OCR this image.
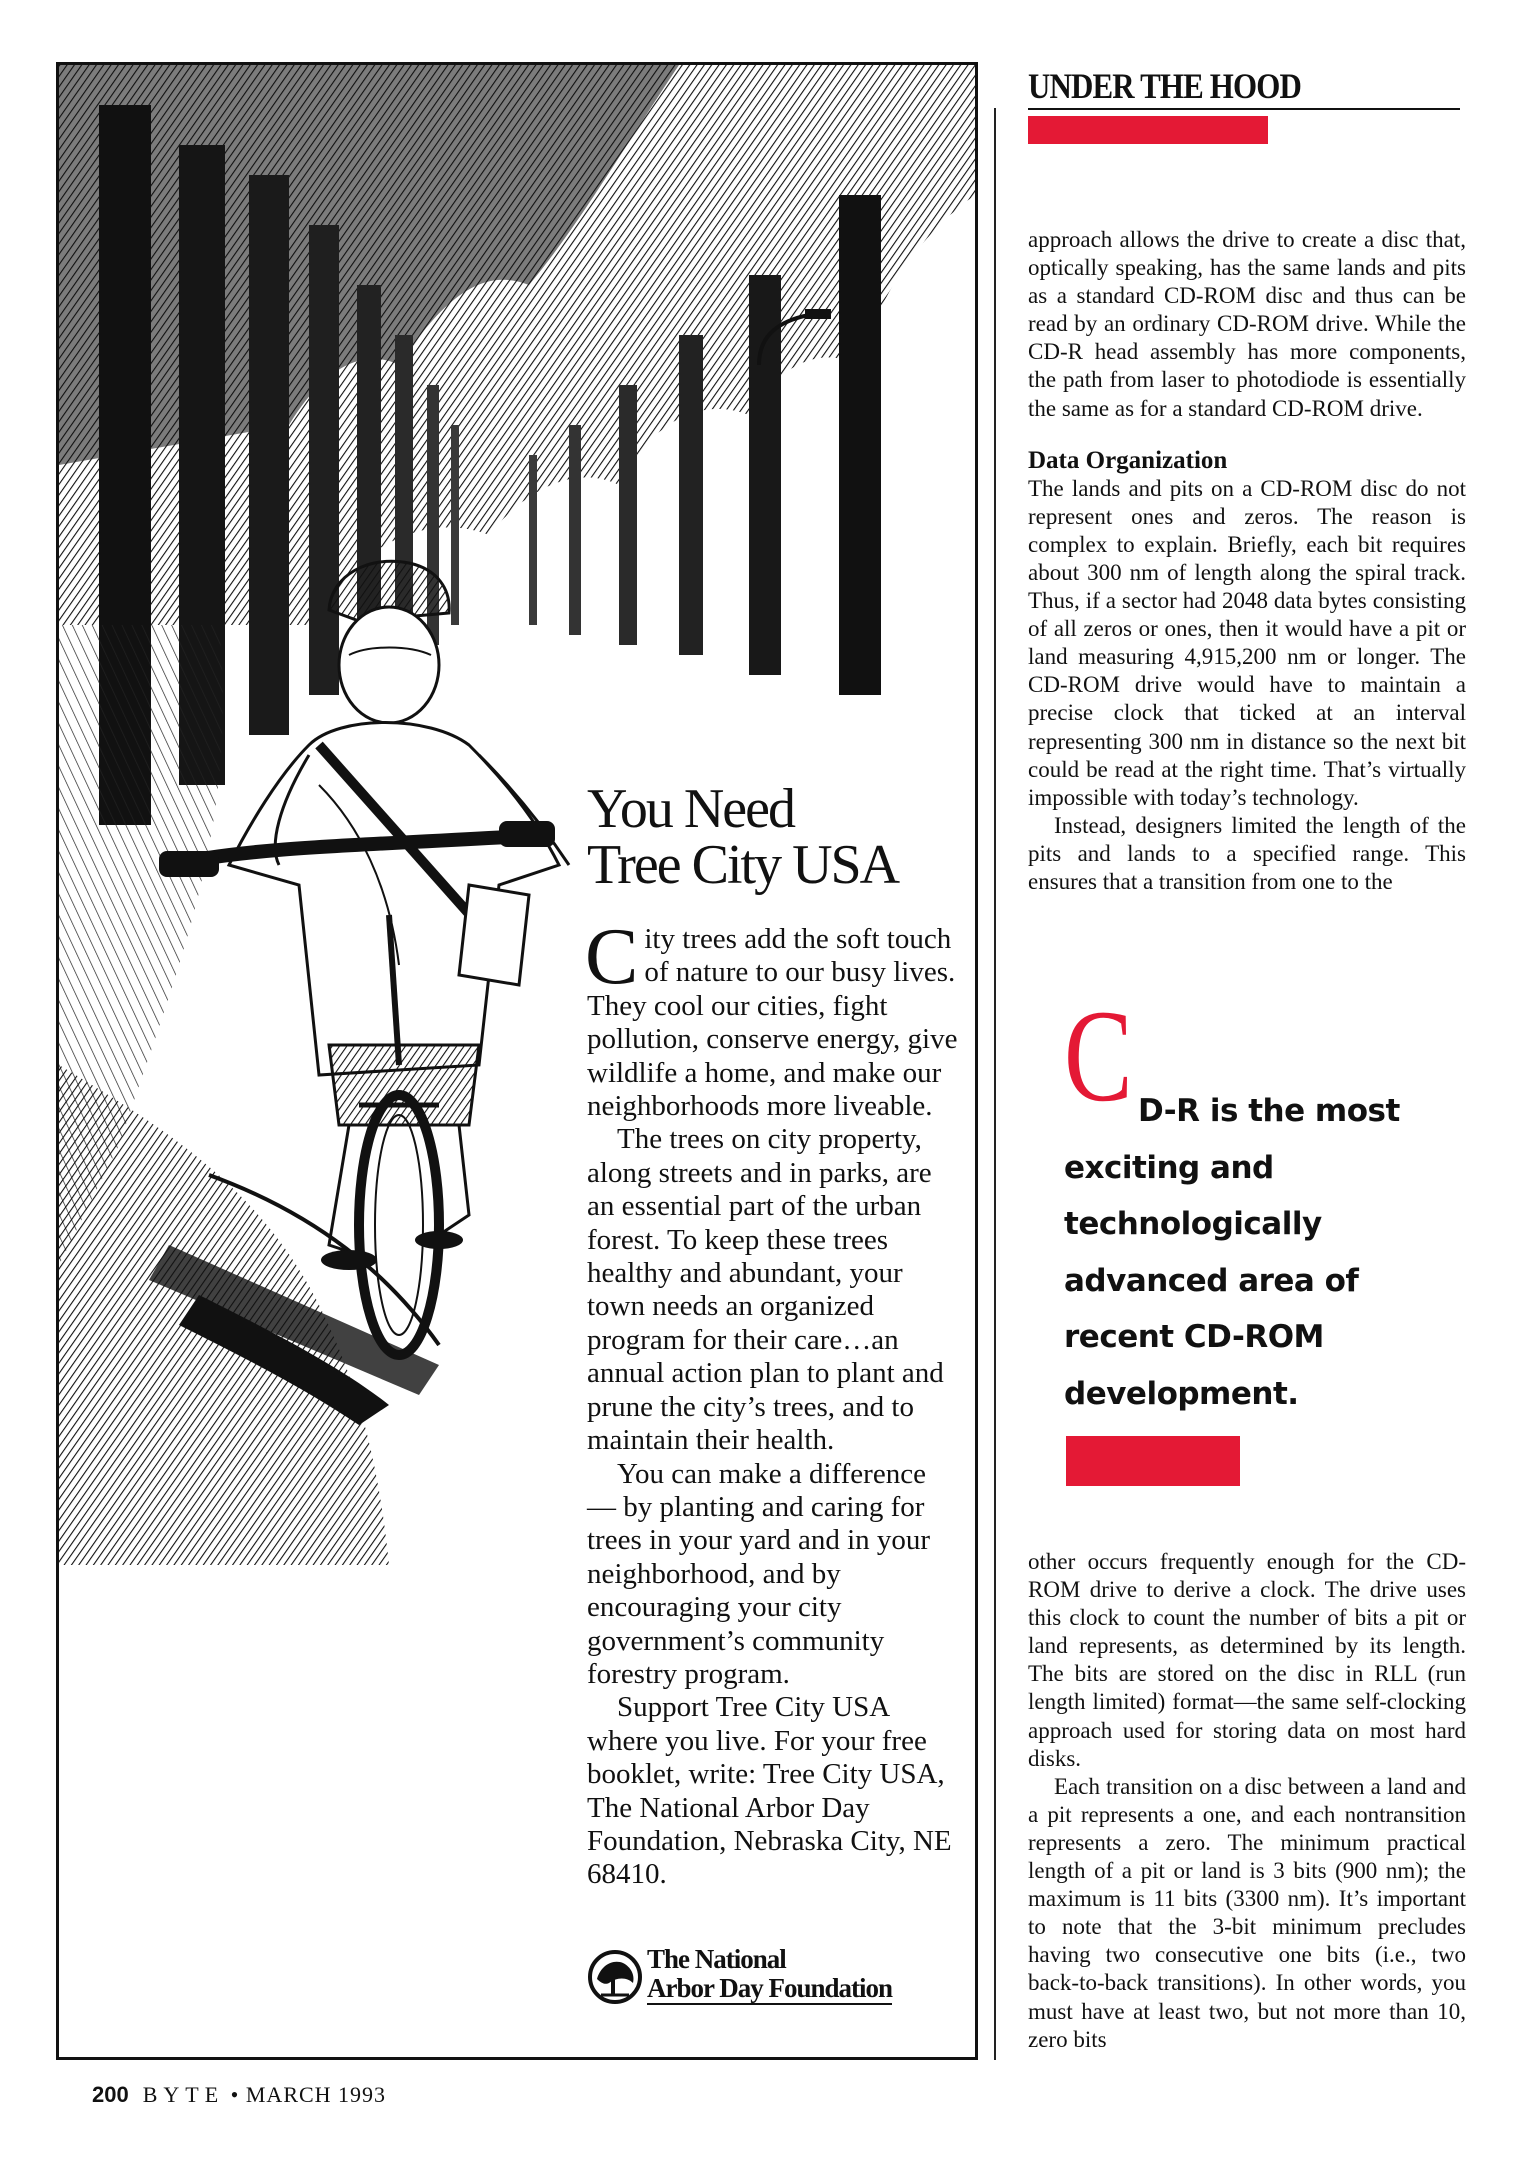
You Need
Tree City USA

City trees add the soft touch of nature to our busy lives. They cool our cities, fight pollution, conserve energy, give wildlife a home, and make our neighborhoods more liveable.

The trees on city property, along streets and in parks, are an essential part of the urban forest. To keep these trees healthy and abundant, your town needs an organized program for their care…an annual action plan to plant and prune the city’s trees, and to maintain their health.

You can make a difference — by planting and caring for trees in your yard and in your neighborhood, and by encouraging your city government’s community forestry program.

Support Tree City USA where you live. For your free booklet, write: Tree City USA, The National Arbor Day Foundation, Nebraska City, NE 68410.

The National
Arbor Day Foundation
UNDER THE HOOD

approach allows the drive to create a disc that, optically speaking, has the same lands and pits as a standard CD-ROM disc and thus can be read by an ordinary CD-ROM drive. While the CD-R head assembly has more components, the path from laser to photodiode is essentially the same as for a standard CD-ROM drive.

Data Organization

The lands and pits on a CD-ROM disc do not represent ones and zeros. The reason is complex to explain. Briefly, each bit requires about 300 nm of length along the spiral track. Thus, if a sector had 2048 data bytes consisting of all zeros or ones, then it would have a pit or land measuring 4,915,200 nm or longer. The CD-ROM drive would have to maintain a precise clock that ticked at an interval representing 300 nm in distance so the next bit could be read at the right time. That’s virtually impossible with today’s technology.

Instead, designers limited the length of the pits and lands to a specified range. This ensures that a transition from one to the

C D-R is the most exciting and technologically advanced area of recent CD-ROM development.

other occurs frequently enough for the CD-ROM drive to derive a clock. The drive uses this clock to count the number of bits a pit or land represents, as determined by its length. The bits are stored on the disc in RLL (run length limited) format—the same self-clocking approach used for storing data on most hard disks.

Each transition on a disc between a land and a pit represents a one, and each nontransition represents a zero. The minimum practical length of a pit or land is 3 bits (900 nm); the maximum is 11 bits (3300 nm). It’s important to note that the 3-bit minimum precludes having two consecutive one bits (i.e., two back-to-back transitions). In other words, you must have at least two, but not more than 10, zero bits

200 BYTE • MARCH 1993
